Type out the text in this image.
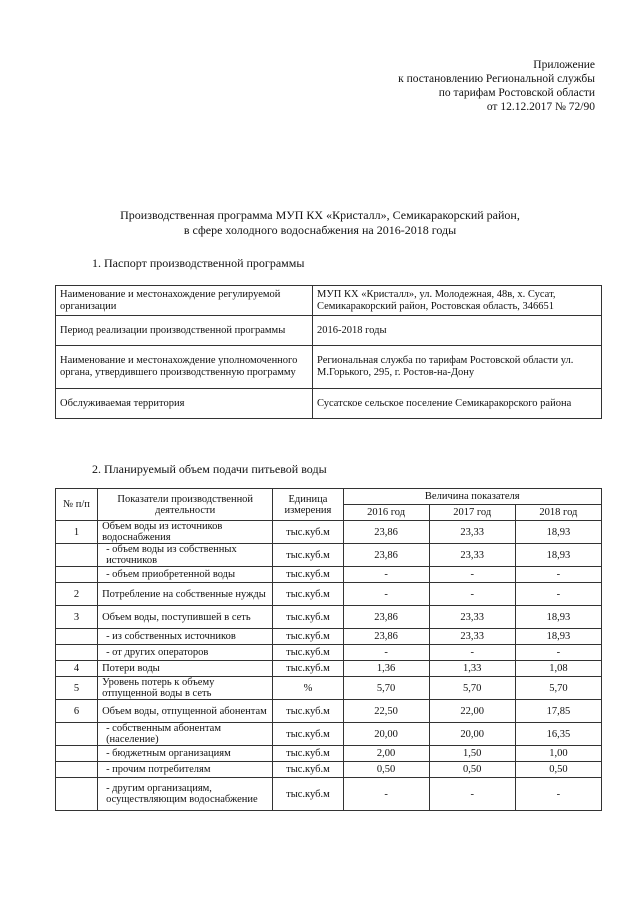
Приложение
к постановлению Региональной службы
по тарифам Ростовской области
от 12.12.2017 № 72/90
Производственная программа МУП КХ «Кристалл», Семикаракорский район,
в сфере холодного водоснабжения на 2016-2018 годы
1. Паспорт производственной программы
Наименование и местонахождение регулируемой организации	МУП КХ «Кристалл», ул. Молодежная, 48в, х. Сусат, Семикаракорский район, Ростовская область, 346651
Период реализации производственной программы	2016-2018 годы
Наименование и местонахождение уполномоченного органа, утвердившего производственную программу	Региональная служба по тарифам Ростовской области ул. М.Горького, 295, г. Ростов-на-Дону
Обслуживаемая территория	Сусатское сельское поселение Семикаракорского района
2. Планируемый объем подачи питьевой воды
№ п/п	Показатели производственной деятельности	Единица измерения	Величина показателя		
			2016 год	2017 год	2018 год
1	Объем воды из источников водоснабжения	тыс.куб.м	23,86	23,33	18,93
	- объем воды из собственных источников	тыс.куб.м	23,86	23,33	18,93
	- объем приобретенной воды	тыс.куб.м	-	-	-
2	Потребление на собственные нужды	тыс.куб.м	-	-	-
3	Объем воды, поступившей в сеть	тыс.куб.м	23,86	23,33	18,93
	- из собственных источников	тыс.куб.м	23,86	23,33	18,93
	- от других операторов	тыс.куб.м	-	-	-
4	Потери воды	тыс.куб.м	1,36	1,33	1,08
5	Уровень потерь к объему отпущенной воды в сеть	%	5,70	5,70	5,70
6	Объем воды, отпущенной абонентам	тыс.куб.м	22,50	22,00	17,85
	- собственным абонентам (население)	тыс.куб.м	20,00	20,00	16,35
	- бюджетным организациям	тыс.куб.м	2,00	1,50	1,00
	- прочим потребителям	тыс.куб.м	0,50	0,50	0,50
	- другим организациям, осуществляющим водоснабжение	тыс.куб.м	-	-	-
